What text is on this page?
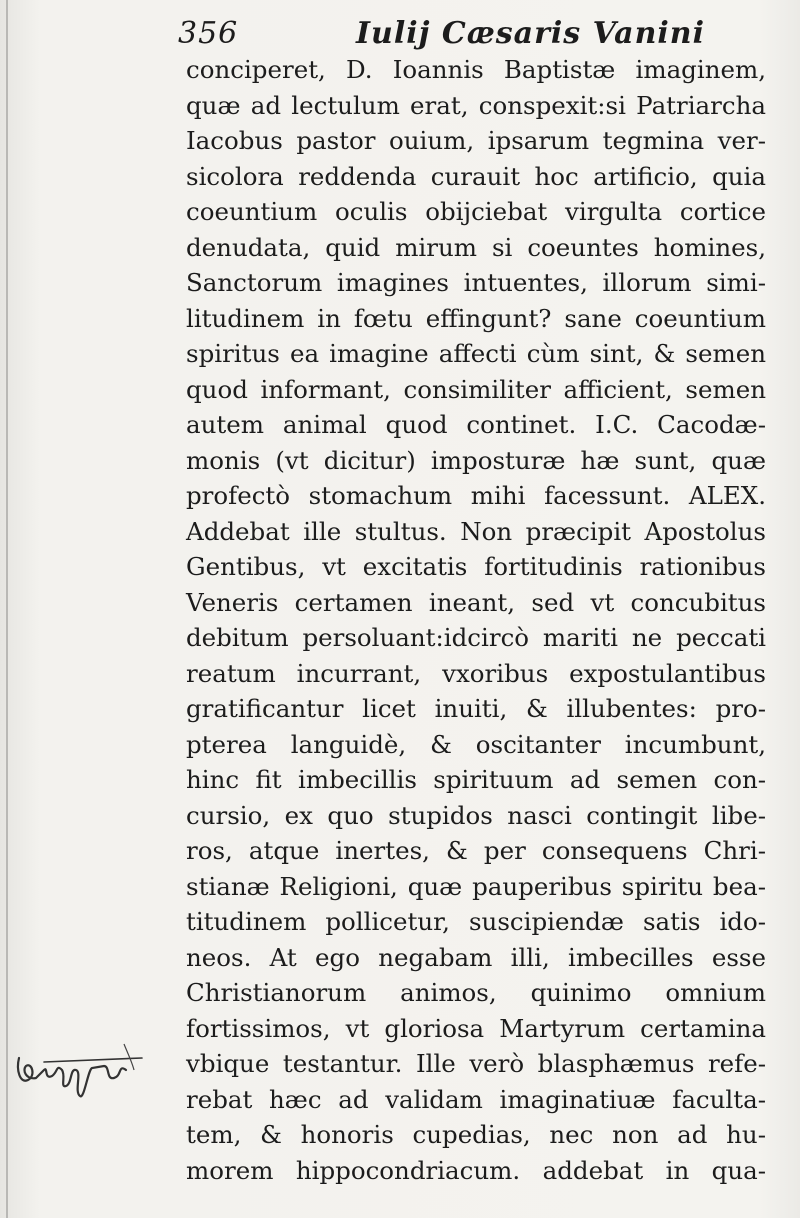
356	Iulij Cæsaris Vanini
conciperet, D. Ioannis Baptistæ imaginem,
quæ ad lectulum erat, conspexit:si Patriarcha
Iacobus pastor ouium, ipsarum tegmina ver-
sicolora reddenda curauit hoc artificio, quia
coeuntium oculis obijciebat virgulta cortice
denudata, quid mirum si coeuntes homines,
Sanctorum imagines intuentes, illorum simi-
litudinem in fœtu effingunt? sane coeuntium
spiritus ea imagine affecti cùm sint, & semen
quod informant, consimiliter afficient, semen
autem animal quod continet. I.C. Cacodæ-
monis (vt dicitur) imposturæ hæ sunt, quæ
profectò stomachum mihi facessunt. ALEX.
Addebat ille stultus. Non præcipit Apostolus
Gentibus, vt excitatis fortitudinis rationibus
Veneris certamen ineant, sed vt concubitus
debitum persoluant:idcircò mariti ne peccati
reatum incurrant, vxoribus expostulantibus
gratificantur licet inuiti, & illubentes: pro-
pterea languidè, & oscitanter incumbunt,
hinc fit imbecillis spirituum ad semen con-
cursio, ex quo stupidos nasci contingit libe-
ros, atque inertes, & per consequens Chri-
stianæ Religioni, quæ pauperibus spiritu bea-
titudinem pollicetur, suscipiendæ satis ido-
neos. At ego negabam illi, imbecilles esse
Christianorum animos, quinimo omnium
fortissimos, vt gloriosa Martyrum certamina
vbique testantur. Ille verò blasphæmus refe-
rebat hæc ad validam imaginatiuæ faculta-
tem, & honoris cupedias, nec non ad hu-
morem hippocondriacum. addebat in qua-
